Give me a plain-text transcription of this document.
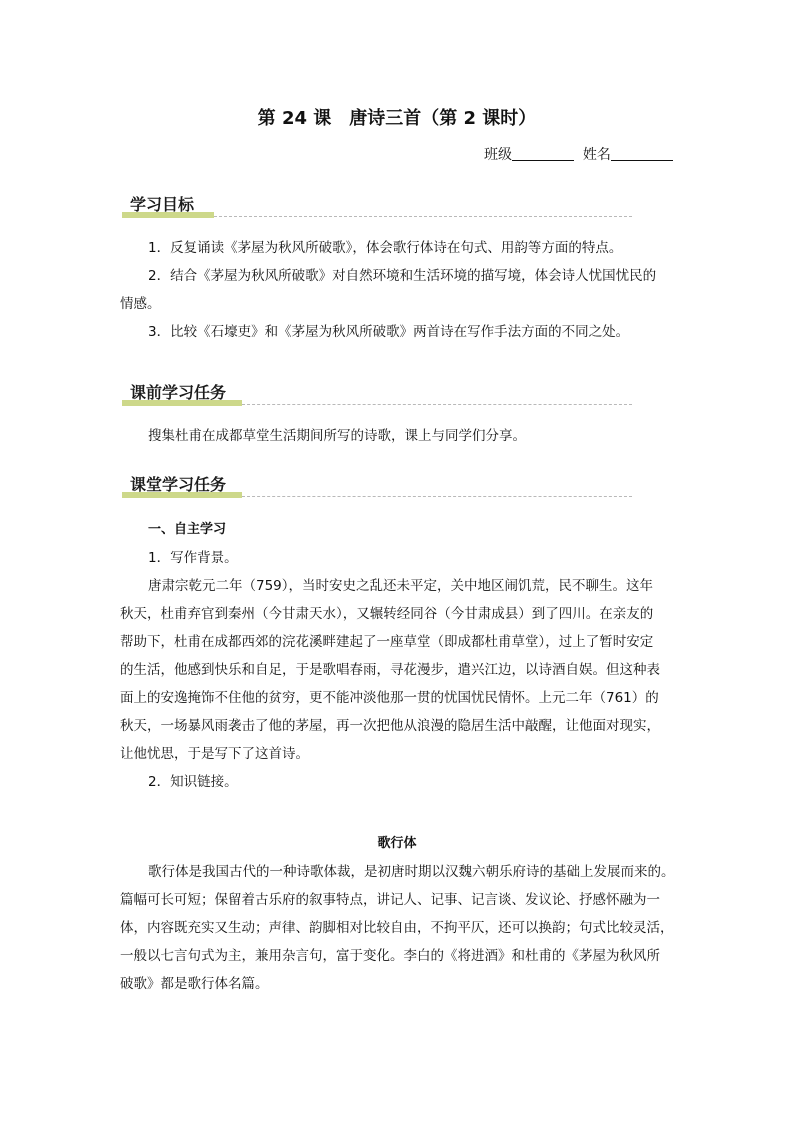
第 24 课　唐诗三首（第 2 课时）
班级	姓名
学习目标
1．反复诵读《茅屋为秋风所破歌》，体会歌行体诗在句式、用韵等方面的特点。
2．结合《茅屋为秋风所破歌》对自然环境和生活环境的描写境，体会诗人忧国忧民的
情感。
3．比较《石壕吏》和《茅屋为秋风所破歌》两首诗在写作手法方面的不同之处。
课前学习任务
搜集杜甫在成都草堂生活期间所写的诗歌，课上与同学们分享。
课堂学习任务
一、自主学习
1．写作背景。
唐肃宗乾元二年（759），当时安史之乱还未平定，关中地区闹饥荒，民不聊生。这年
秋天，杜甫弃官到秦州（今甘肃天水），又辗转经同谷（今甘肃成县）到了四川。在亲友的
帮助下，杜甫在成都西郊的浣花溪畔建起了一座草堂（即成都杜甫草堂），过上了暂时安定
的生活，他感到快乐和自足，于是歌唱春雨，寻花漫步，遣兴江边，以诗酒自娱。但这种表
面上的安逸掩饰不住他的贫穷，更不能冲淡他那一贯的忧国忧民情怀。上元二年（761）的
秋天，一场暴风雨袭击了他的茅屋，再一次把他从浪漫的隐居生活中敲醒，让他面对现实，
让他忧思，于是写下了这首诗。
2．知识链接。
歌行体
歌行体是我国古代的一种诗歌体裁，是初唐时期以汉魏六朝乐府诗的基础上发展而来的。
篇幅可长可短；保留着古乐府的叙事特点，讲记人、记事、记言谈、发议论、抒感怀融为一
体，内容既充实又生动；声律、韵脚相对比较自由，不拘平仄，还可以换韵；句式比较灵活，
一般以七言句式为主，兼用杂言句，富于变化。李白的《将进酒》和杜甫的《茅屋为秋风所
破歌》都是歌行体名篇。
